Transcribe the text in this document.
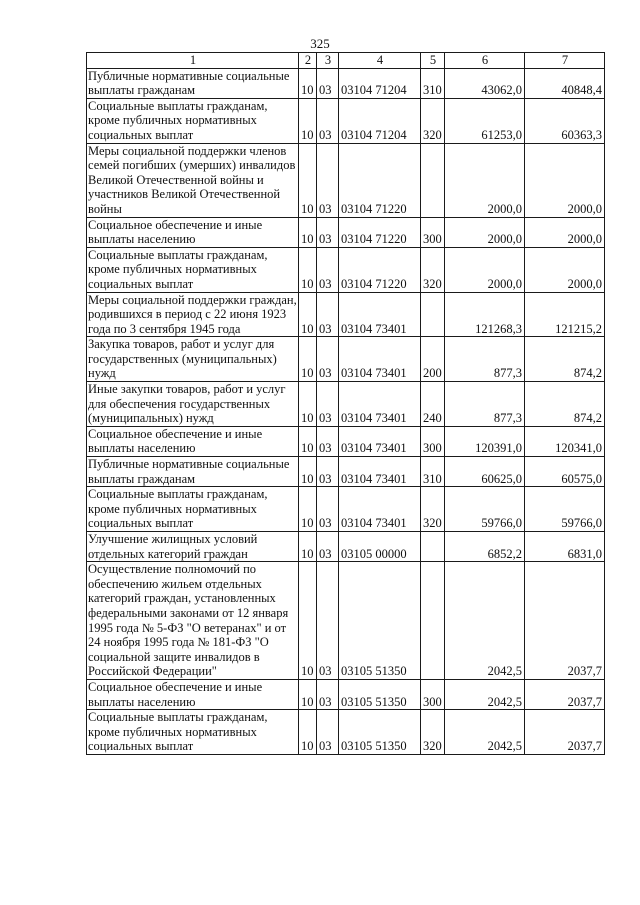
325
1	2	3	4	5	6	7
Публичные нормативные социальные выплаты гражданам	10	03	03104 71204	310	43062,0	40848,4
Социальные выплаты гражданам, кроме публичных нормативных социальных выплат	10	03	03104 71204	320	61253,0	60363,3
Меры социальной поддержки членов семей погибших (умерших) инвалидов Великой Отечественной войны и участников Великой Отечественной войны	10	03	03104 71220		2000,0	2000,0
Социальное обеспечение и иные выплаты населению	10	03	03104 71220	300	2000,0	2000,0
Социальные выплаты гражданам, кроме публичных нормативных социальных выплат	10	03	03104 71220	320	2000,0	2000,0
Меры социальной поддержки граждан, родившихся в период с 22 июня 1923 года по 3 сентября 1945 года	10	03	03104 73401		121268,3	121215,2
Закупка товаров, работ и услуг для государственных (муниципальных) нужд	10	03	03104 73401	200	877,3	874,2
Иные закупки товаров, работ и услуг для обеспечения государственных (муниципальных) нужд	10	03	03104 73401	240	877,3	874,2
Социальное обеспечение и иные выплаты населению	10	03	03104 73401	300	120391,0	120341,0
Публичные нормативные социальные выплаты гражданам	10	03	03104 73401	310	60625,0	60575,0
Социальные выплаты гражданам, кроме публичных нормативных социальных выплат	10	03	03104 73401	320	59766,0	59766,0
Улучшение жилищных условий отдельных категорий граждан	10	03	03105 00000		6852,2	6831,0
Осуществление полномочий по обеспечению жильем отдельных категорий граждан, установленных федеральными законами от 12 января 1995 года № 5-ФЗ "О ветеранах" и от 24 ноября 1995 года № 181-ФЗ "О социальной защите инвалидов в Российской Федерации"	10	03	03105 51350		2042,5	2037,7
Социальное обеспечение и иные выплаты населению	10	03	03105 51350	300	2042,5	2037,7
Социальные выплаты гражданам, кроме публичных нормативных социальных выплат	10	03	03105 51350	320	2042,5	2037,7
